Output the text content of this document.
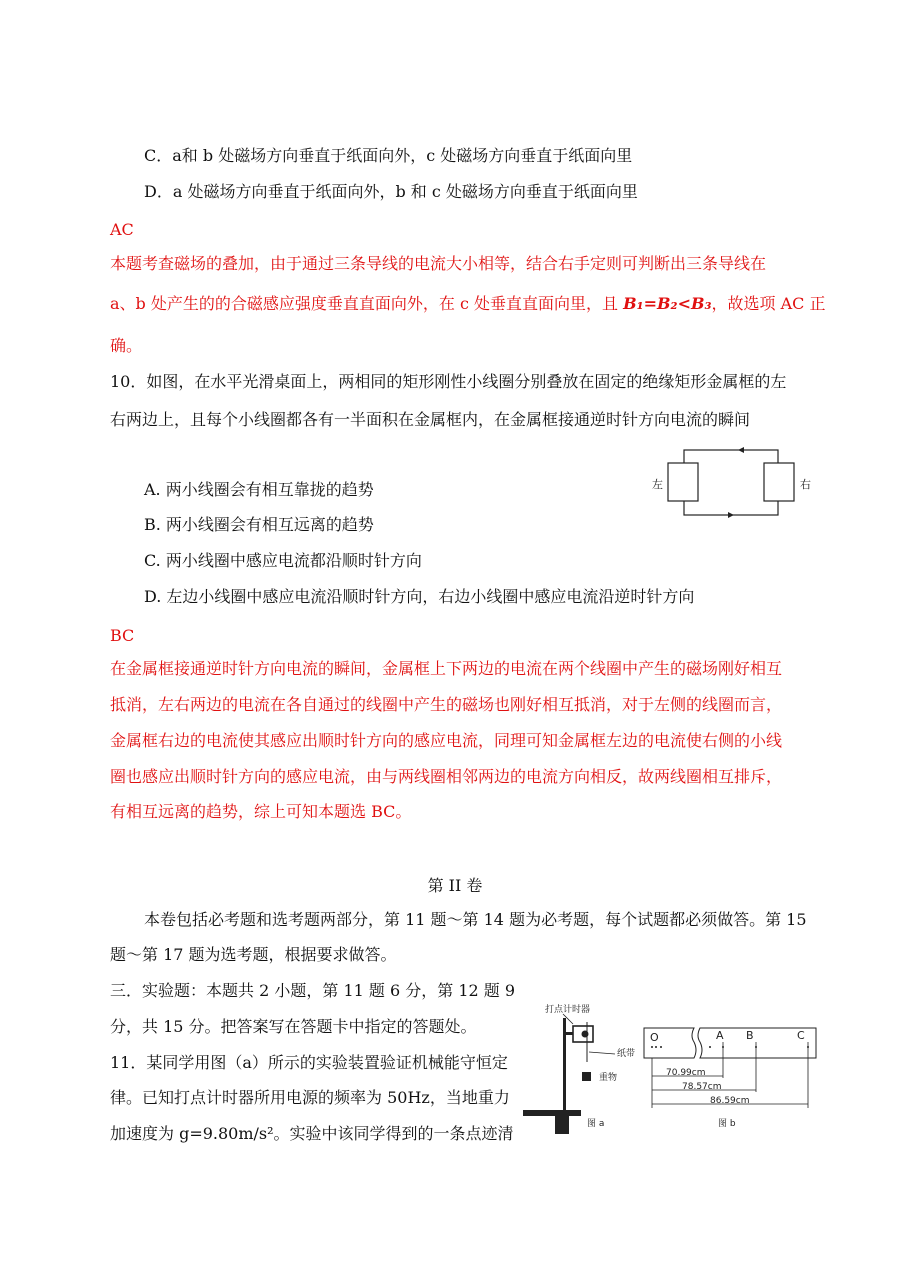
C．a和 b 处磁场方向垂直于纸面向外，c 处磁场方向垂直于纸面向里
D．a 处磁场方向垂直于纸面向外，b 和 c 处磁场方向垂直于纸面向里
AC
本题考查磁场的叠加，由于通过三条导线的电流大小相等，结合右手定则可判断出三条导线在
a、b 处产生的的合磁感应强度垂直直面向外，在 c 处垂直直面向里，且 B₁=B₂<B₃，故选项 AC 正
确。
10．如图，在水平光滑桌面上，两相同的矩形刚性小线圈分别叠放在固定的绝缘矩形金属框的左
右两边上，且每个小线圈都各有一半面积在金属框内，在金属框接通逆时针方向电流的瞬间
左	右
A. 两小线圈会有相互靠拢的趋势
B. 两小线圈会有相互远离的趋势
C. 两小线圈中感应电流都沿顺时针方向
D. 左边小线圈中感应电流沿顺时针方向，右边小线圈中感应电流沿逆时针方向
BC
在金属框接通逆时针方向电流的瞬间，金属框上下两边的电流在两个线圈中产生的磁场刚好相互
抵消，左右两边的电流在各自通过的线圈中产生的磁场也刚好相互抵消，对于左侧的线圈而言，
金属框右边的电流使其感应出顺时针方向的感应电流，同理可知金属框左边的电流使右侧的小线
圈也感应出顺时针方向的感应电流，由与两线圈相邻两边的电流方向相反，故两线圈相互排斥，
有相互远离的趋势，综上可知本题选 BC。
第 II 卷
本卷包括必考题和选考题两部分，第 11 题～第 14 题为必考题，每个试题都必须做答。第 15
题～第 17 题为选考题，根据要求做答。
三．实验题：本题共 2 小题，第 11 题 6 分，第 12 题 9
分，共 15 分。把答案写在答题卡中指定的答题处。
11．某同学用图（a）所示的实验装置验证机械能守恒定
律。已知打点计时器所用电源的频率为 50Hz，当地重力
加速度为 g=9.80m/s²。实验中该同学得到的一条点迹清
打点计时器
纸带
重物
图 a
O	A B	C
70.99cm
78.57cm
86.59cm
图 b
